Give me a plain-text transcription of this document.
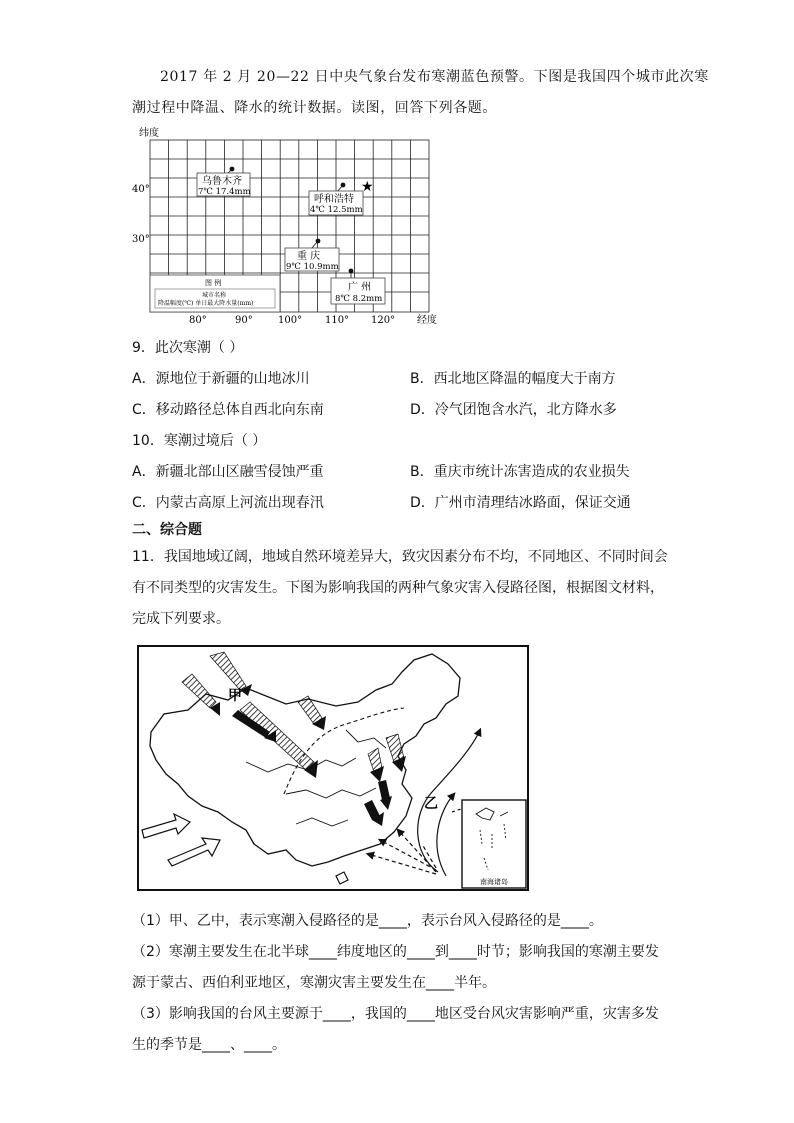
2017 年 2 月 20—22 日中央气象台发布寒潮蓝色预警。下图是我国四个城市此次寒
潮过程中降温、降水的统计数据。读图，回答下列各题。
纬度
40°
30°
80°	90°	100° 110° 120° 经度
乌鲁木齐
7℃ 17.4mm
呼和浩特
4℃ 12.5mm
★
重 庆
9℃ 10.9mm
图 例
城市名称
降温幅度(℃) 单日最大降水量(mm)
广 州
8℃ 8.2mm
9．此次寒潮（ ）
A．源地位于新疆的山地冰川	B．西北地区降温的幅度大于南方
C．移动路径总体自西北向东南	D．冷气团饱含水汽，北方降水多
10．寒潮过境后（ ）
A．新疆北部山区融雪侵蚀严重	B．重庆市统计冻害造成的农业损失
C．内蒙古高原上河流出现春汛	D．广州市清理结冰路面，保证交通
二、综合题
11．我国地域辽阔，地域自然环境差异大，致灾因素分布不均，不同地区、不同时间会
有不同类型的灾害发生。下图为影响我国的两种气象灾害入侵路径图，根据图文材料，
完成下列要求。
甲
乙
南海诸岛
（1）甲、乙中，表示寒潮入侵路径的是____，表示台风入侵路径的是____。
（2）寒潮主要发生在北半球____纬度地区的____到____时节；影响我国的寒潮主要发
源于蒙古、西伯利亚地区，寒潮灾害主要发生在____半年。
（3）影响我国的台风主要源于____，我国的____地区受台风灾害影响严重，灾害多发
生的季节是____、____。
